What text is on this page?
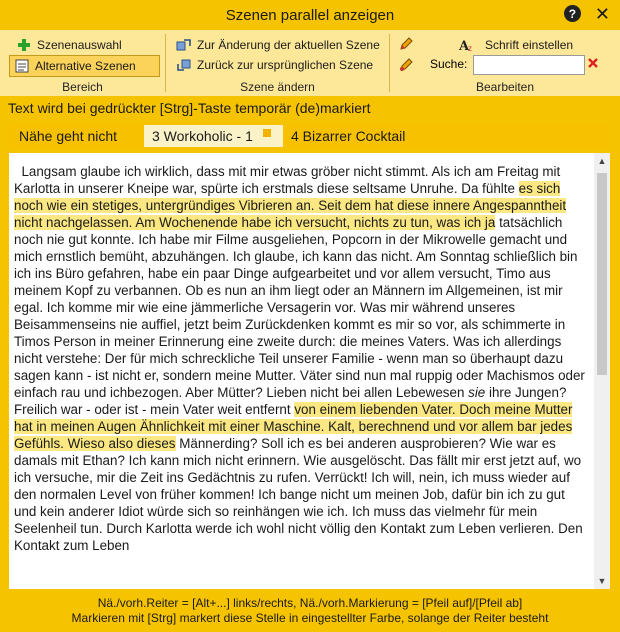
Szenen parallel anzeigen	? ✕
Szenenauswahl
Alternative Szenen
Bereich
Zur Änderung der aktuellen Szene
Zurück zur ursprünglichen Szene
Szene ändern
A
z Schrift einstellen
Suche:
Bearbeiten
Text wird bei gedrückter [Strg]-Taste temporär (de)markiert
Nähe geht nicht	3 Workoholic - 1	4 Bizarrer Cocktail
Langsam glaube ich wirklich, dass mit mir etwas gröber nicht stimmt. Als ich am Freitag mit Karlotta in unserer Kneipe war, spürte ich erstmals diese seltsame Unruhe. Da fühlte es sich noch wie ein stetiges, untergründiges Vibrieren an. Seit dem hat diese innere Angespanntheit nicht nachgelassen. Am Wochenende habe ich versucht, nichts zu tun, was ich ja tatsächlich noch nie gut konnte. Ich habe mir Filme ausgeliehen, Popcorn in der Mikrowelle gemacht und mich ernstlich bemüht, abzuhängen. Ich glaube, ich kann das nicht. Am Sonntag schließlich bin ich ins Büro gefahren, habe ein paar Dinge aufgearbeitet und vor allem versucht, Timo aus meinem Kopf zu verbannen. Ob es nun an ihm liegt oder an Männern im Allgemeinen, ist mir egal. Ich komme mir wie eine jämmerliche Versagerin vor. Was mir während unseres Beisammenseins nie auffiel, jetzt beim Zurückdenken kommt es mir so vor, als schimmerte in Timos Person in meiner Erinnerung eine zweite durch: die meines Vaters. Was ich allerdings nicht verstehe: Der für mich schreckliche Teil unserer Familie - wenn man so überhaupt dazu sagen kann - ist nicht er, sondern meine Mutter. Väter sind nun mal ruppig oder Machismos oder einfach rau und ichbezogen. Aber Mütter? Lieben nicht bei allen Lebewesen sie ihre Jungen? Freilich war - oder ist - mein Vater weit entfernt von einem liebenden Vater. Doch meine Mutter hat in meinen Augen Ähnlichkeit mit einer Maschine. Kalt, berechnend und vor allem bar jedes Gefühls. Wieso also dieses Männerding? Soll ich es bei anderen ausprobieren? Wie war es damals mit Ethan? Ich kann mich nicht erinnern. Wie ausgelöscht. Das fällt mir erst jetzt auf, wo ich versuche, mir die Zeit ins Gedächtnis zu rufen. Verrückt! Ich will, nein, ich muss wieder auf den normalen Level von früher kommen! Ich bange nicht um meinen Job, dafür bin ich zu gut und kein anderer Idiot würde sich so reinhängen wie ich. Ich muss das vielmehr für mein Seelenheil tun. Durch Karlotta werde ich wohl nicht völlig den Kontakt zum Leben verlieren. Den Kontakt zum Leben
▲
▼
Nä./vorh.Reiter = [Alt+...] links/rechts, Nä./vorh.Markierung = [Pfeil auf]/[Pfeil ab]
Markieren mit [Strg] markert diese Stelle in eingestellter Farbe, solange der Reiter besteht
